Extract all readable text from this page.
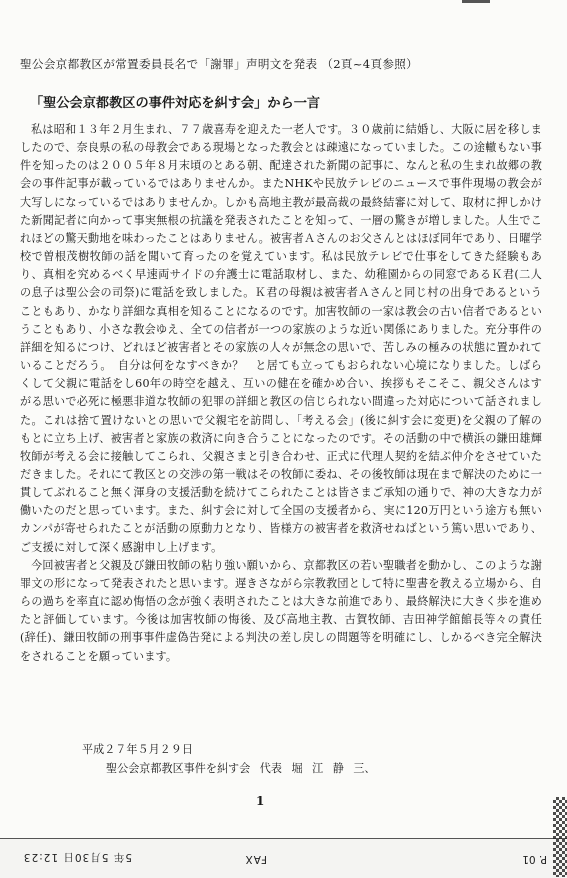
聖公会京都教区が常置委員長名で「謝罪」声明文を発表 （2頁~4頁参照）
「聖公会京都教区の事件対応を糾す会」から一言

私は昭和１３年２月生まれ、７７歳喜寿を迎えた一老人です。３０歳前に結婚し、大阪に居を移しましたので、奈良県の私の母教会である現場となった教会とは疎遠になっていました。この途轍もない事件を知ったのは２００５年８月末頃のとある朝、配達された新聞の記事に、なんと私の生まれ故郷の教会の事件記事が載っているではありませんか。またNHKや民放テレビのニュースで事件現場の教会が大写しになっているではありませんか。しかも高地主教が最高裁の最終結審に対して、取材に押しかけた新聞記者に向かって事実無根の抗議を発表されたことを知って、一層の驚きが増しました。人生でこれほどの驚天動地を味わったことはありません。被害者Ａさんのお父さんとはほぼ同年であり、日曜学校で曽根茂樹牧師の話を聞いて育ったのを覚えています。私は民放テレビで仕事をしてきた経験もあり、真相を究めるべく早速両サイドの弁護士に電話取材し、また、幼稚園からの同窓であるＫ君(二人の息子は聖公会の司祭)に電話を致しました。Ｋ君の母親は被害者Ａさんと同じ村の出身であるということもあり、かなり詳細な真相を知ることになるのです。加害牧師の一家は教会の古い信者であるということもあり、小さな教会ゆえ、全ての信者が一つの家族のような近い関係にありました。充分事件の詳細を知るにつけ、どれほど被害者とその家族の人々が無念の思いで、苦しみの極みの状態に置かれていることだろう。　自分は何をなすべきか？　と居ても立ってもおられない心境になりました。しばらくして父親に電話をし60年の時空を越え、互いの健在を確かめ合い、挨拶もそこそこ、親父さんはすがる思いで必死に極悪非道な牧師の犯罪の詳細と教区の信じられない間違った対応について話されました。これは捨て置けないとの思いで父親宅を訪問し、「考える会」(後に糾す会に変更)を父親の了解のもとに立ち上げ、被害者と家族の救済に向き合うことになったのです。その活動の中で横浜の鎌田雄輝牧師が考える会に接触してこられ、父親さまと引き合わせ、正式に代理人契約を結ぶ仲介をさせていただきました。それにて教区との交渉の第一戦はその牧師に委ね、その後牧師は現在まで解決のために一貫してぶれること無く渾身の支援活動を続けてこられたことは皆さまご承知の通りで、神の大きな力が働いたのだと思っています。また、糾す会に対して全国の支援者から、実に120万円という途方も無いカンパが寄せられたことが活動の原動力となり、皆様方の被害者を救済せねばという篤い思いであり、ご支援に対して深く感謝申し上げます。

今回被害者と父親及び鎌田牧師の粘り強い願いから、京都教区の若い聖職者を動かし、このような謝罪文の形になって発表されたと思います。遅きさながら宗教教団として特に聖書を教える立場から、自らの過ちを率直に認め悔悟の念が強く表明されたことは大きな前進であり、最終解決に大きく歩を進めたと評価しています。今後は加害牧師の悔後、及び高地主教、古賀牧師、吉田神学館館長等々の責任(辞任)、鎌田牧師の刑事事件虚偽告発による判決の差し戻しの問題等を明確にし、しかるべき完全解決をされることを願っています。

平成２７年５月２９日
聖公会京都教区事件を糾す会 代表 堀 江 静 三、
1
P. 01
FAX
5年 5月30日 12:23
